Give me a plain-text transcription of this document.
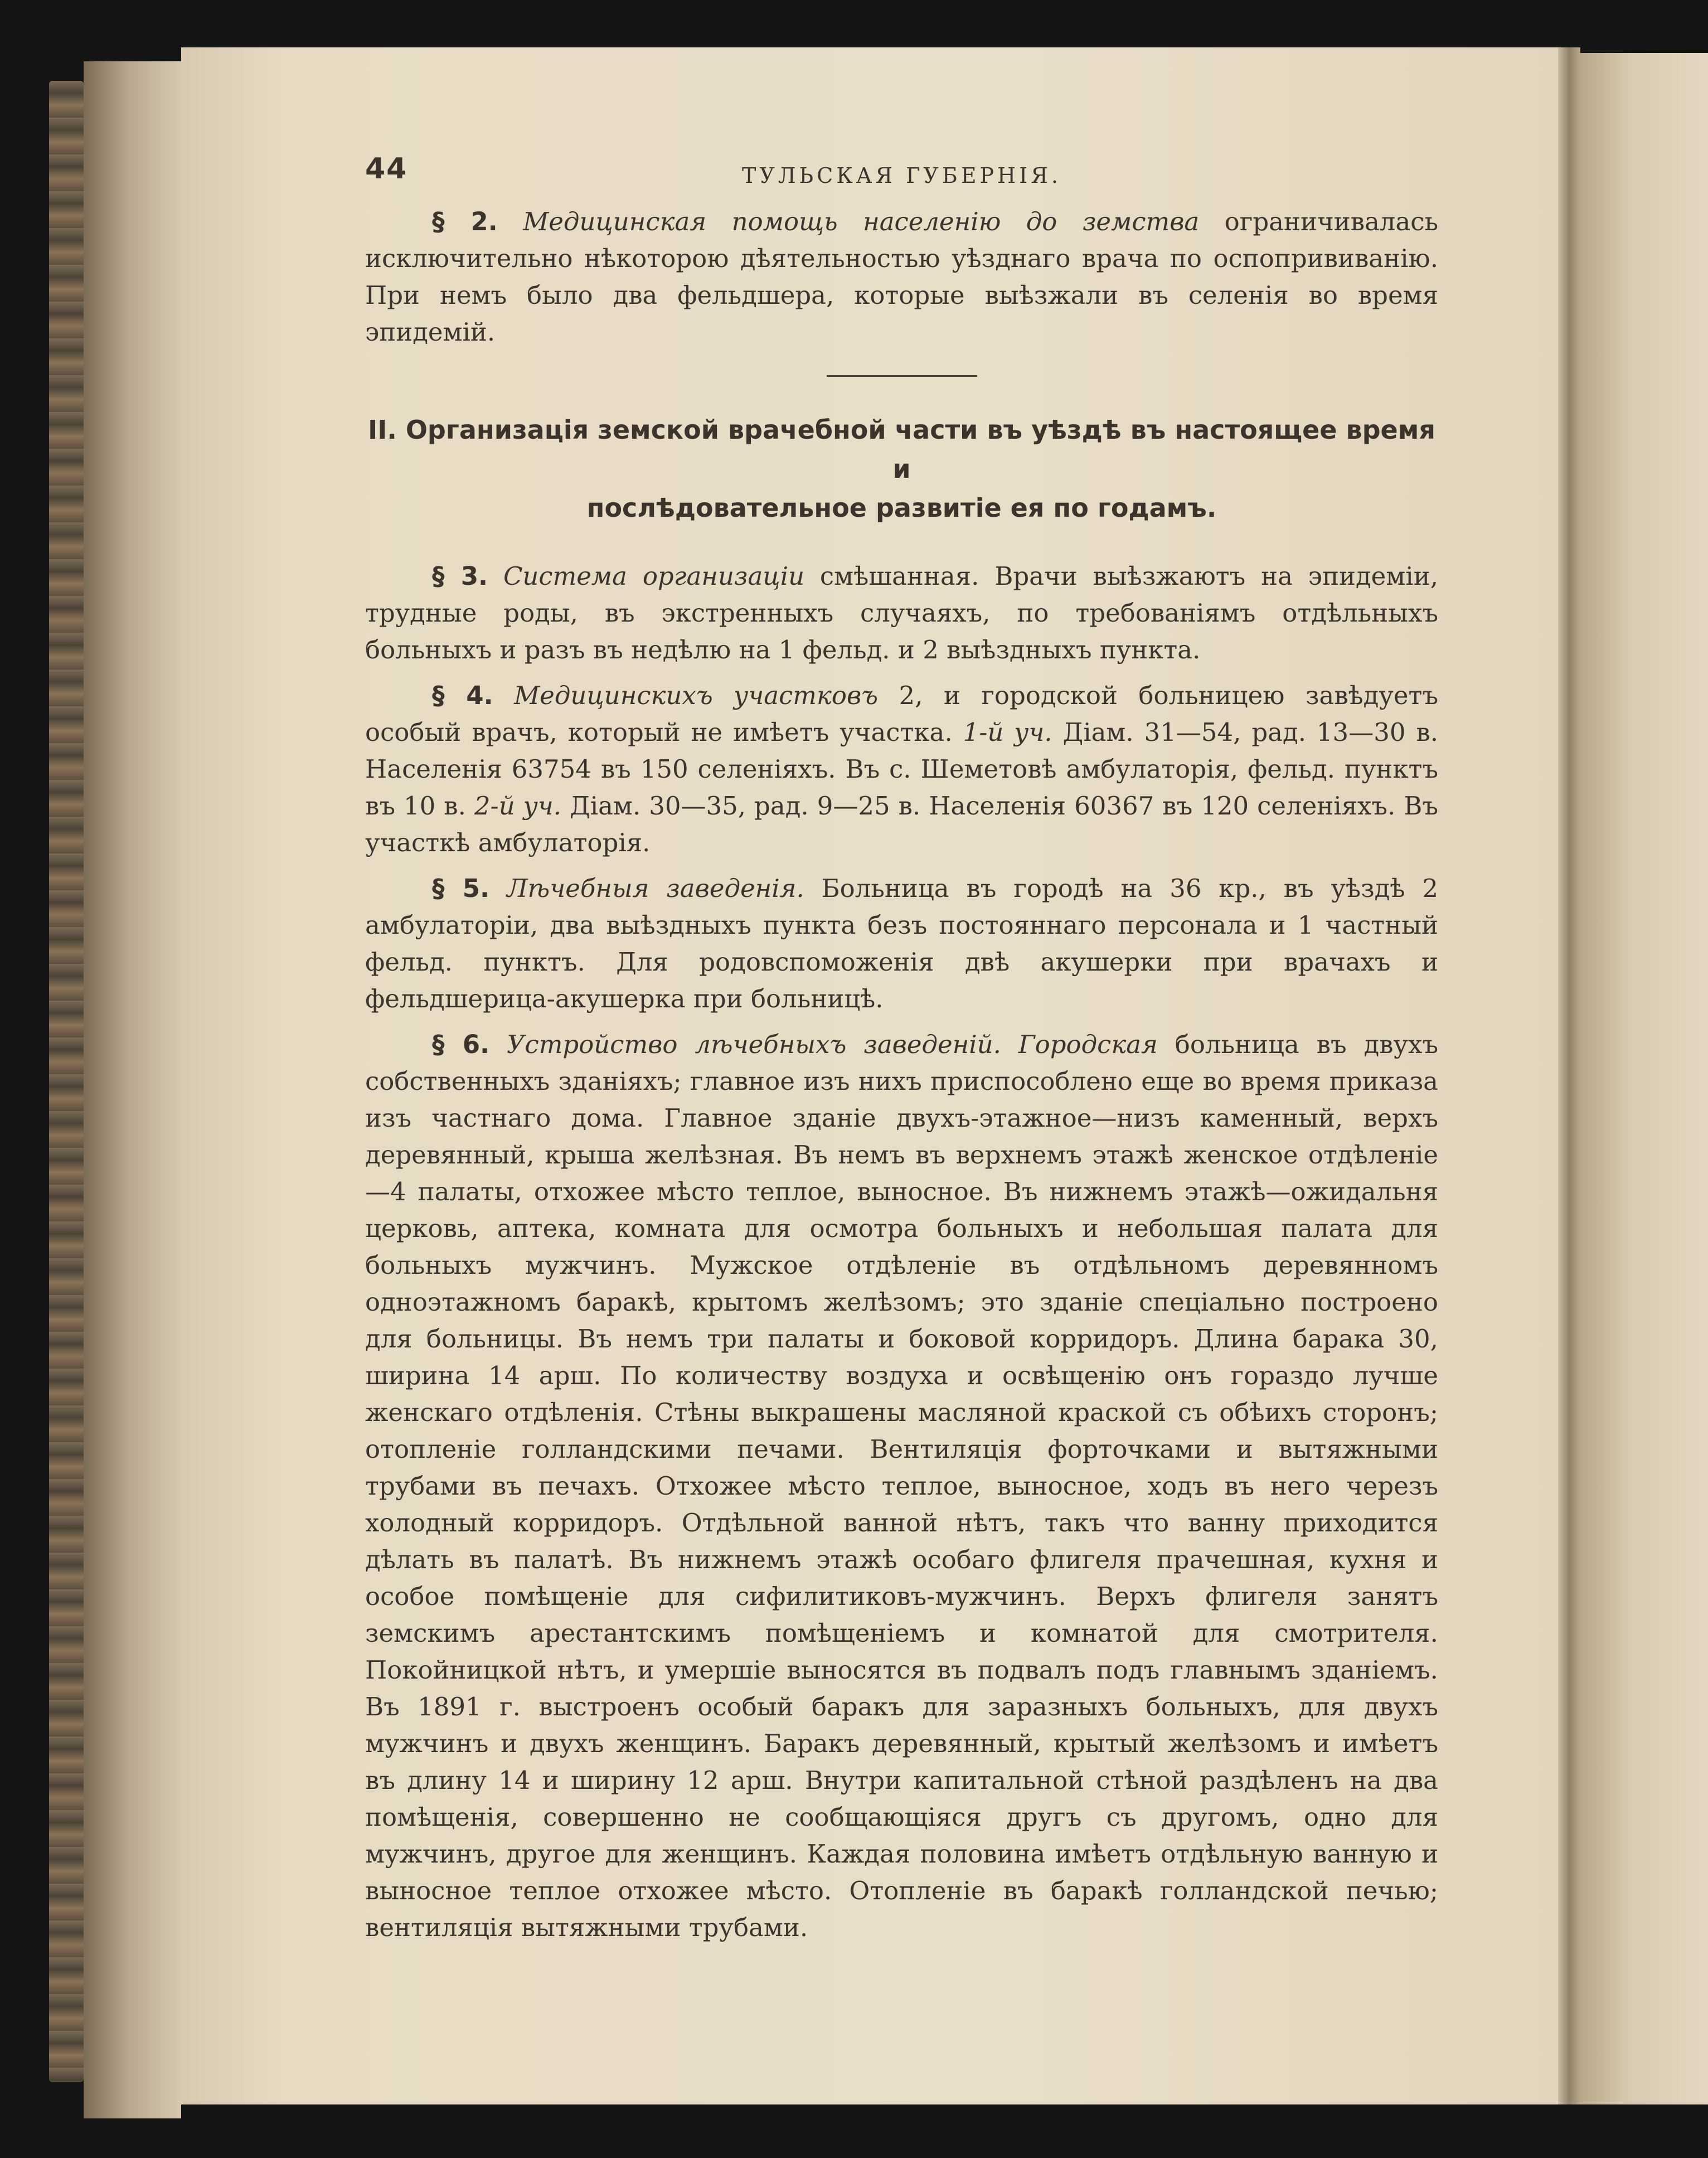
44	ТУЛЬСКАЯ ГУБЕРНІЯ.

§ 2. Медицинская помощь населенію до земства ограничивалась исключительно нѣкоторою дѣятельностью уѣзднаго врача по оспопрививанію. При немъ было два фельдшера, которые выѣзжали въ селенія во время эпидемій.

II. Организація земской врачебной части въ уѣздѣ въ настоящее время и
послѣдовательное развитіе ея по годамъ.

§ 3. Система организаціи смѣшанная. Врачи выѣзжаютъ на эпидеміи, трудные роды, въ экстренныхъ случаяхъ, по требованіямъ отдѣльныхъ больныхъ и разъ въ недѣлю на 1 фельд. и 2 выѣздныхъ пункта.

§ 4. Медицинскихъ участковъ 2, и городской больницею завѣдуетъ особый врачъ, который не имѣетъ участка. 1-й уч. Діам. 31—54, рад. 13—30 в. Населенія 63754 въ 150 селеніяхъ. Въ с. Шеметовѣ амбулаторія, фельд. пунктъ въ 10 в. 2-й уч. Діам. 30—35, рад. 9—25 в. Населенія 60367 въ 120 селеніяхъ. Въ участкѣ амбулаторія.

§ 5. Лѣчебныя заведенія. Больница въ городѣ на 36 кр., въ уѣздѣ 2 амбулаторіи, два выѣздныхъ пункта безъ постояннаго персонала и 1 частный фельд. пунктъ. Для родовспоможенія двѣ акушерки при врачахъ и фельдшерица-акушерка при больницѣ.

§ 6. Устройство лѣчебныхъ заведеній. Городская больница въ двухъ собственныхъ зданіяхъ; главное изъ нихъ приспособлено еще во время приказа изъ частнаго дома. Главное зданіе двухъ-этажное—низъ каменный, верхъ деревянный, крыша желѣзная. Въ немъ въ верхнемъ этажѣ женское отдѣленіе—4 палаты, отхожее мѣсто теплое, выносное. Въ нижнемъ этажѣ—ожидальня церковь, аптека, комната для осмотра больныхъ и небольшая палата для больныхъ мужчинъ. Мужское отдѣленіе въ отдѣльномъ деревянномъ одноэтажномъ баракѣ, крытомъ желѣзомъ; это зданіе спеціально построено для больницы. Въ немъ три палаты и боковой корридоръ. Длина барака 30, ширина 14 арш. По количеству воздуха и освѣщенію онъ гораздо лучше женскаго отдѣленія. Стѣны выкрашены масляной краской съ обѣихъ сторонъ; отопленіе голландскими печами. Вентиляція форточками и вытяжными трубами въ печахъ. Отхожее мѣсто теплое, выносное, ходъ въ него черезъ холодный корридоръ. Отдѣльной ванной нѣтъ, такъ что ванну приходится дѣлать въ палатѣ. Въ нижнемъ этажѣ особаго флигеля прачешная, кухня и особое помѣщеніе для сифилитиковъ-мужчинъ. Верхъ флигеля занятъ земскимъ арестантскимъ помѣщеніемъ и комнатой для смотрителя. Покойницкой нѣтъ, и умершіе выносятся въ подвалъ подъ главнымъ зданіемъ. Въ 1891 г. выстроенъ особый баракъ для заразныхъ больныхъ, для двухъ мужчинъ и двухъ женщинъ. Баракъ деревянный, крытый желѣзомъ и имѣетъ въ длину 14 и ширину 12 арш. Внутри капитальной стѣной раздѣленъ на два помѣщенія, совершенно не сообщающіяся другъ съ другомъ, одно для мужчинъ, другое для женщинъ. Каждая половина имѣетъ отдѣльную ванную и выносное теплое отхожее мѣсто. Отопленіе въ баракѣ голландской печью; вентиляція вытяжными трубами.
